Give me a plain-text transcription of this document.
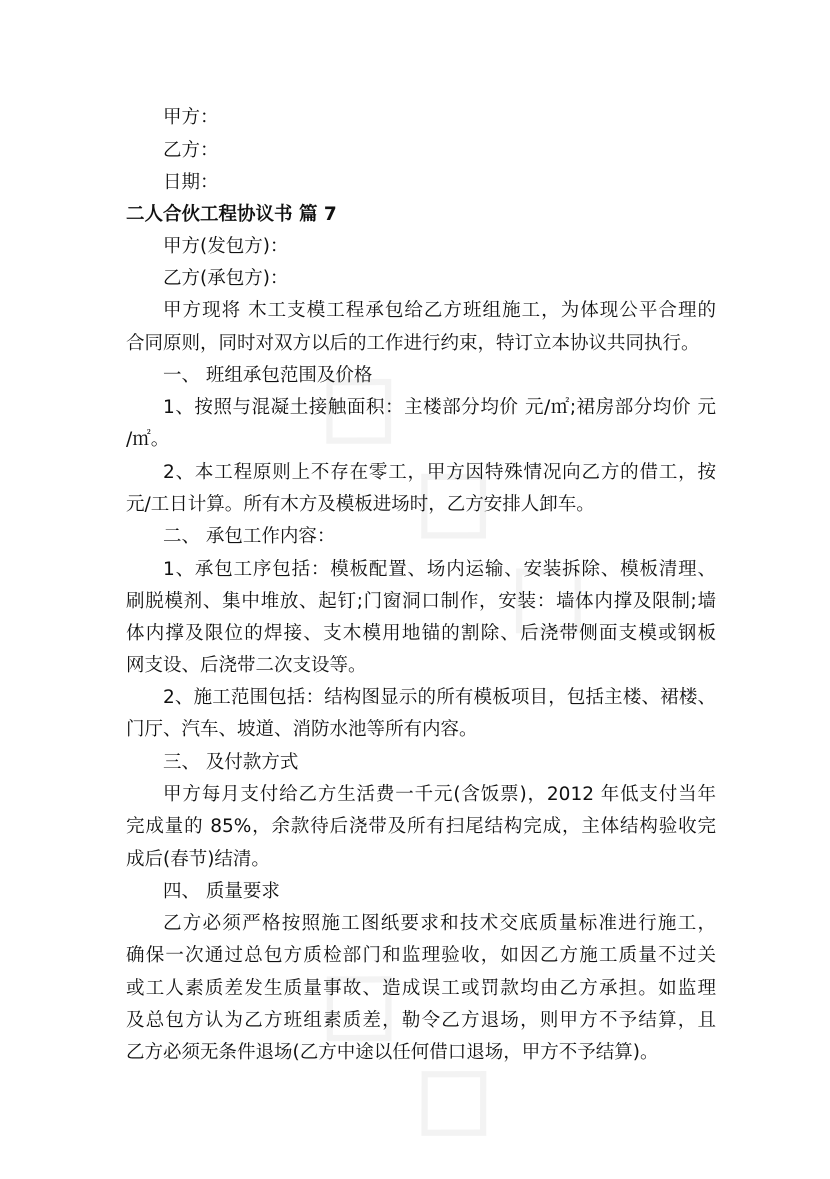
甲方：
乙方：
日期：
二人合伙工程协议书 篇 7
甲方(发包方)：
乙方(承包方)：
甲方现将 木工支模工程承包给乙方班组施工，为体现公平合理的
合同原则，同时对双方以后的工作进行约束，特订立本协议共同执行。
一、 班组承包范围及价格
1、按照与混凝土接触面积：主楼部分均价 元/㎡;裙房部分均价 元
/㎡。
2、本工程原则上不存在零工，甲方因特殊情况向乙方的借工，按
元/工日计算。所有木方及模板进场时，乙方安排人卸车。
二、 承包工作内容：
1、承包工序包括：模板配置、场内运输、安装拆除、模板清理、
刷脱模剂、集中堆放、起钉;门窗洞口制作，安装：墙体内撑及限制;墙
体内撑及限位的焊接、支木模用地锚的割除、后浇带侧面支模或钢板
网支设、后浇带二次支设等。
2、施工范围包括：结构图显示的所有模板项目，包括主楼、裙楼、
门厅、汽车、坡道、消防水池等所有内容。
三、 及付款方式
甲方每月支付给乙方生活费一千元(含饭票)，2012 年低支付当年
完成量的 85%，余款待后浇带及所有扫尾结构完成，主体结构验收完
成后(春节)结清。
四、 质量要求
乙方必须严格按照施工图纸要求和技术交底质量标准进行施工，
确保一次通过总包方质检部门和监理验收，如因乙方施工质量不过关
或工人素质差发生质量事故、造成误工或罚款均由乙方承担。如监理
及总包方认为乙方班组素质差，勒令乙方退场，则甲方不予结算，且
乙方必须无条件退场(乙方中途以任何借口退场，甲方不予结算)。
